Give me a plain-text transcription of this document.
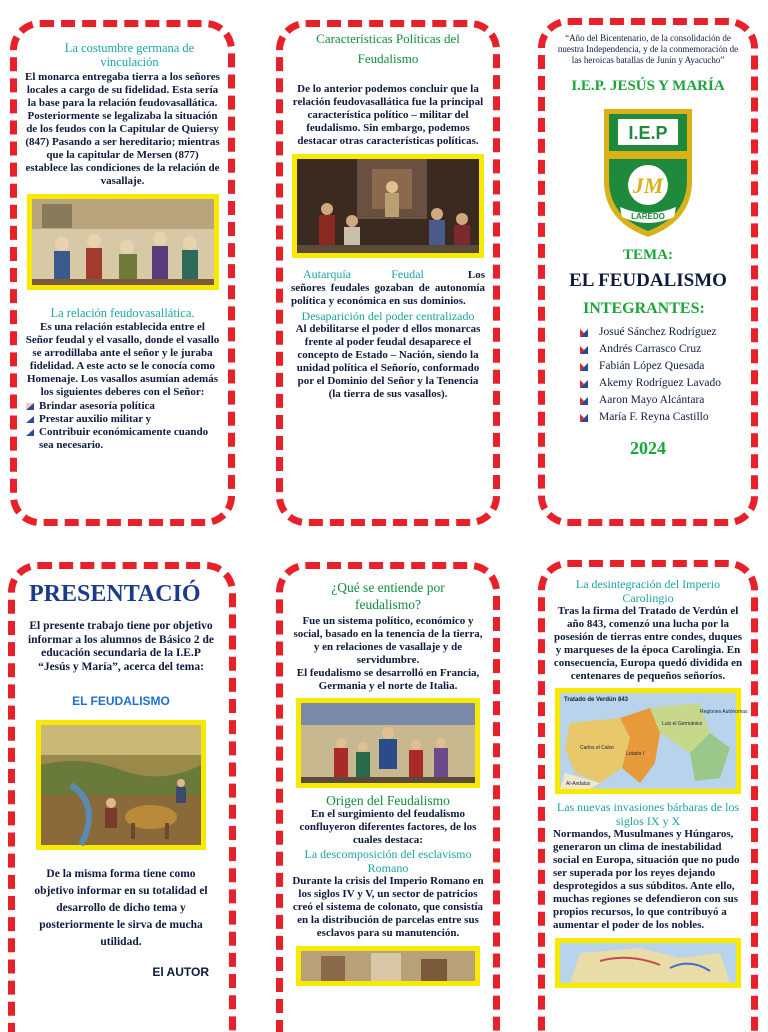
La costumbre germana de vinculación
El monarca entregaba tierra a los señores locales a cargo de su fidelidad. Esta sería la base para la relación feudovasallática. Posteriormente se legalizaba la situación de los feudos con la Capitular de Quiersy (847) Pasando a ser hereditario; mientras que la capitular de Mersen (877) establece las condiciones de la relación de vasallaje.
La relación feudovasallática.
Es una relación establecida entre el Señor feudal y el vasallo, donde el vasallo se arrodillaba ante el señor y le juraba fidelidad. A este acto se le conocía como Homenaje. Los vasallos asumían además los siguientes deberes con el Señor:
Brindar asesoría política
Prestar auxilio militar y
Contribuir económicamente cuando sea necesario.
Características Políticas del Feudalismo
De lo anterior podemos concluir que la relación feudovasallática fue la principal característica político – militar del feudalismo. Sin embargo, podemos destacar otras características políticas.
Autarquía Feudal	Los señores feudales gozaban de autonomía política y económica en sus dominios.
Desaparición del poder centralizado
Al debilitarse el poder d ellos monarcas frente al poder feudal desaparece el concepto de Estado – Nación, siendo la unidad política el Señorío, conformado por el Dominio del Señor y la Tenencia (la tierra de sus vasallos).
“Año del Bicentenario, de la consolidación de nuestra Independencia, y de la conmemoración de las heroicas batallas de Junín y Ayacucho”
I.E.P. JESÚS Y MARÍA
I.E.P
JM
LAREDO
TEMA:
EL FEUDALISMO
INTEGRANTES:
Josué Sánchez Rodríguez
Andrés Carrasco Cruz
Fabián López Quesada
Akemy Rodríguez Lavado
Aaron Mayo Alcántara
María F. Reyna Castillo
2024
PRESENTACIÓ
El presente trabajo tiene por objetivo informar a los alumnos de Básico 2 de educación secundaria de la I.E.P “Jesús y María”, acerca del tema:
EL FEUDALISMO
De la misma forma tiene como objetivo informar en su totalidad el desarrollo de dicho tema y posteriormente le sirva de mucha utilidad.
El AUTOR
¿Qué se entiende por feudalismo?
Fue un sistema político, económico y social, basado en la tenencia de la tierra, y en relaciones de vasallaje y de servidumbre.
El feudalismo se desarrolló en Francia, Germania y el norte de Italia.
Origen del Feudalismo
En el surgimiento del feudalismo confluyeron diferentes factores, de los cuales destaca:
La descomposición del esclavismo Romano
Durante la crisis del Imperio Romano en los siglos IV y V, un sector de patricios creó el sistema de colonato, que consistía en la distribución de parcelas entre sus esclavos para su manutención.
La desintegración del Imperio Carolingio
Tras la firma del Tratado de Verdún el año 843, comenzó una lucha por la posesión de tierras entre condes, duques y marqueses de la época Carolingia. En consecuencia, Europa quedó dividida en centenares de pequeños señoríos.
Tratado de Verdún 843
Regiones Autónomas
Lotario I
Luis el Germánico
Carlos el Calvo
Al-Andalus
Las nuevas invasiones bárbaras de los siglos IX y X
Normandos, Musulmanes y Húngaros, generaron un clima de inestabilidad social en Europa, situación que no pudo ser superada por los reyes dejando desprotegidos a sus súbditos. Ante ello, muchas regiones se defendieron con sus propios recursos, lo que contribuyó a aumentar el poder de los nobles.
